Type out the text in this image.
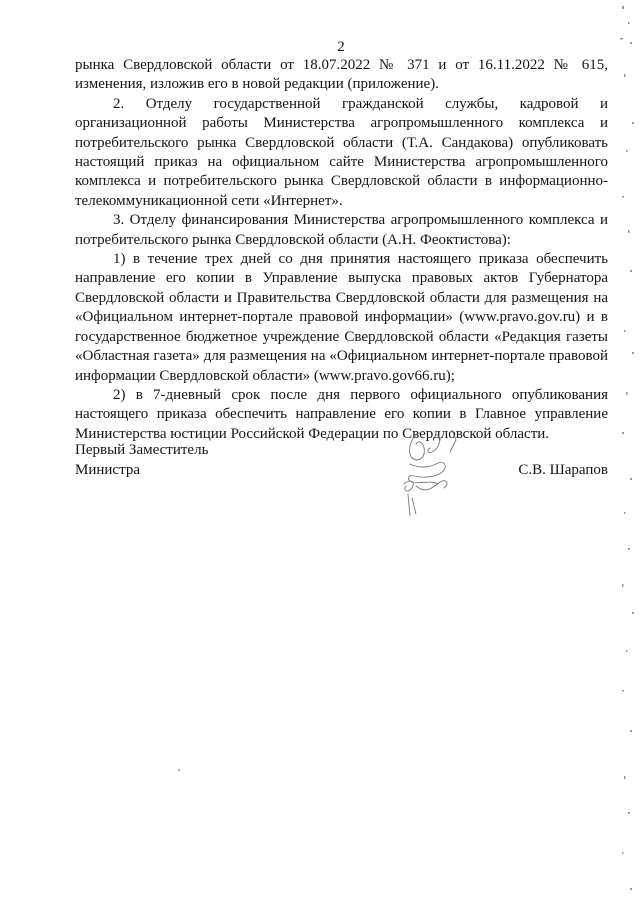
2

рынка Свердловской области от 18.07.2022 № 371 и от 16.11.2022 № 615, изменения, изложив его в новой редакции (приложение).

2. Отделу государственной гражданской службы, кадровой и организационной работы Министерства агропромышленного комплекса и потребительского рынка Свердловской области (Т.А. Сандакова) опубликовать настоящий приказ на официальном сайте Министерства агропромышленного комплекса и потребительского рынка Свердловской области в информационно-телекоммуникационной сети «Интернет».

3. Отделу финансирования Министерства агропромышленного комплекса и потребительского рынка Свердловской области (А.Н. Феоктистова):

1) в течение трех дней со дня принятия настоящего приказа обеспечить направление его копии в Управление выпуска правовых актов Губернатора Свердловской области и Правительства Свердловской области для размещения на «Официальном интернет-портале правовой информации» (www.pravo.gov.ru) и в государственное бюджетное учреждение Свердловской области «Редакция газеты «Областная газета» для размещения на «Официальном интернет-портале правовой информации Свердловской области» (www.pravo.gov66.ru);

2) в 7-дневный срок после дня первого официального опубликования настоящего приказа обеспечить направление его копии в Главное управление Министерства юстиции Российской Федерации по Свердловской области.

Первый Заместитель
Министра	С.В. Шарапов
